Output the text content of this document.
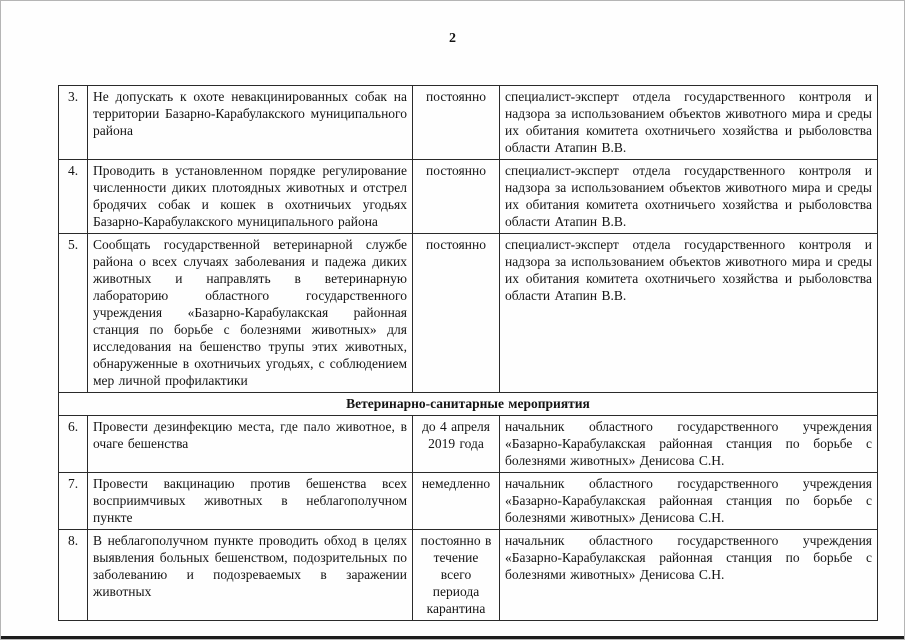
2
3.	Не допускать к охоте невакцинированных собак на территории Базарно-Карабулакского муниципального района	постоянно	специалист-эксперт отдела государственного контроля и надзора за использованием объектов животного мира и среды их обитания комитета охотничьего хозяйства и рыболовства области Атапин В.В.
4.	Проводить в установленном порядке регулирование численности диких плотоядных животных и отстрел бродячих собак и кошек в охотничьих угодьях Базарно-Карабулакского муниципального района	постоянно	специалист-эксперт отдела государственного контроля и надзора за использованием объектов животного мира и среды их обитания комитета охотничьего хозяйства и рыболовства области Атапин В.В.
5.	Сообщать государственной ветеринарной службе района о всех случаях заболевания и падежа диких животных и направлять в ветеринарную лабораторию областного государственного учреждения «Базарно-Карабулакская районная станция по борьбе с болезнями животных» для исследования на бешенство трупы этих животных, обнаруженные в охотничьих угодьях, с соблюдением мер личной профилактики	постоянно	специалист-эксперт отдела государственного контроля и надзора за использованием объектов животного мира и среды их обитания комитета охотничьего хозяйства и рыболовства области Атапин В.В.
Ветеринарно-санитарные мероприятия			
6.	Провести дезинфекцию места, где пало животное, в очаге бешенства	до 4 апреля 2019 года	начальник областного государственного учреждения «Базарно-Карабулакская районная станция по борьбе с болезнями животных» Денисова С.Н.
7.	Провести вакцинацию против бешенства всех восприимчивых животных в неблагополучном пункте	немедленно	начальник областного государственного учреждения «Базарно-Карабулакская районная станция по борьбе с болезнями животных» Денисова С.Н.
8.	В неблагополучном пункте проводить обход в целях выявления больных бешенством, подозрительных по заболеванию и подозреваемых в заражении животных	постоянно в течение всего периода карантина	начальник областного государственного учреждения «Базарно-Карабулакская районная станция по борьбе с болезнями животных» Денисова С.Н.
